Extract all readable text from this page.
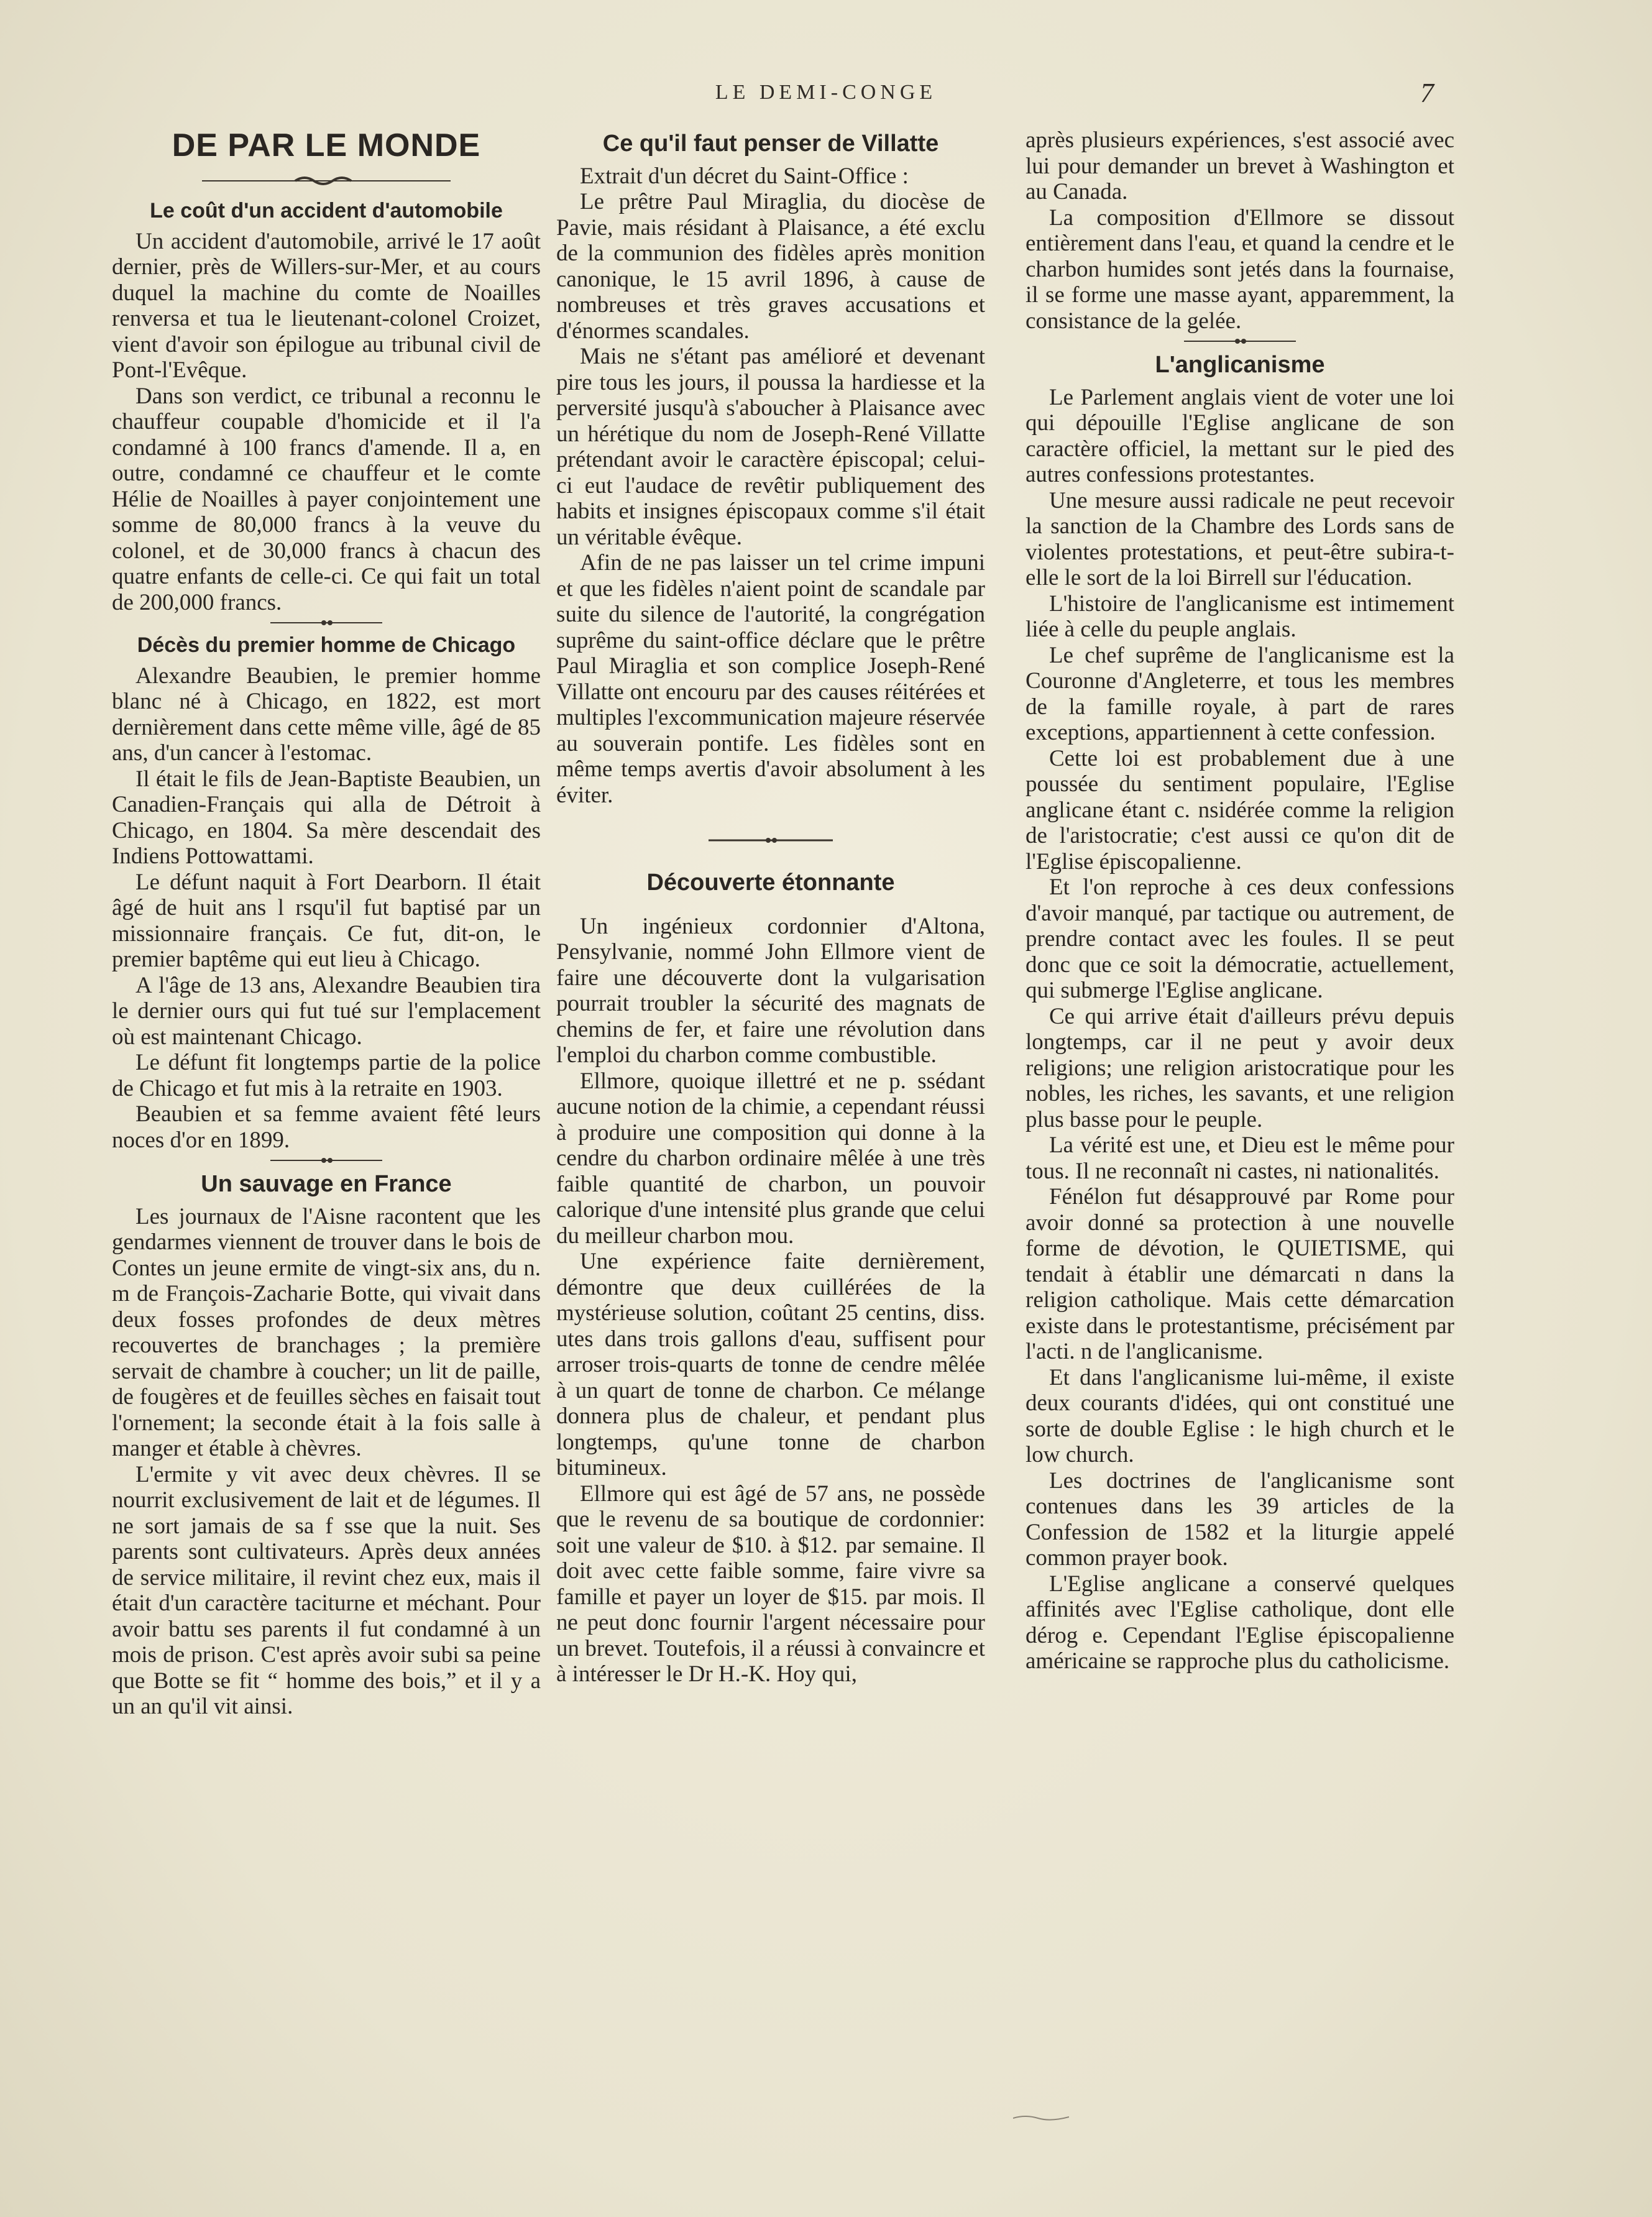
LE DEMI-CONGE	7
DE PAR LE MONDE
Le coût d'un accident d'automobile

Un accident d'automobile, arrivé le 17 août dernier, près de Willers-sur-Mer, et au cours duquel la machine du comte de Noailles renversa et tua le lieutenant-colonel Croizet, vient d'avoir son épilogue au tribunal civil de Pont-l'Evêque.

Dans son verdict, ce tribunal a reconnu le chauffeur coupable d'homicide et il l'a condamné à 100 francs d'amende. Il a, en outre, condamné ce chauffeur et le comte Hélie de Noailles à payer conjointement une somme de 80,000 francs à la veuve du colonel, et de 30,000 francs à chacun des quatre enfants de celle-ci. Ce qui fait un total de 200,000 francs.

Décès du premier homme de Chicago

Alexandre Beaubien, le premier homme blanc né à Chicago, en 1822, est mort dernièrement dans cette même ville, âgé de 85 ans, d'un cancer à l'estomac.

Il était le fils de Jean-Baptiste Beaubien, un Canadien-Français qui alla de Détroit à Chicago, en 1804. Sa mère descendait des Indiens Pottowattami.

Le défunt naquit à Fort Dearborn. Il était âgé de huit ans l rsqu'il fut baptisé par un missionnaire français. Ce fut, dit-on, le premier baptême qui eut lieu à Chicago.

A l'âge de 13 ans, Alexandre Beaubien tira le dernier ours qui fut tué sur l'emplacement où est maintenant Chicago.

Le défunt fit longtemps partie de la police de Chicago et fut mis à la retraite en 1903.

Beaubien et sa femme avaient fêté leurs noces d'or en 1899.

Un sauvage en France

Les journaux de l'Aisne racontent que les gendarmes viennent de trouver dans le bois de Contes un jeune ermite de vingt-six ans, du n. m de François-Zacharie Botte, qui vivait dans deux fosses profondes de deux mètres recouvertes de branchages ; la première servait de chambre à coucher; un lit de paille, de fougères et de feuilles sèches en faisait tout l'ornement; la seconde était à la fois salle à manger et étable à chèvres.

L'ermite y vit avec deux chèvres. Il se nourrit exclusivement de lait et de légumes. Il ne sort jamais de sa f sse que la nuit. Ses parents sont cultivateurs. Après deux années de service militaire, il revint chez eux, mais il était d'un caractère taciturne et méchant. Pour avoir battu ses parents il fut condamné à un mois de prison. C'est après avoir subi sa peine que Botte se fit “ homme des bois,” et il y a un an qu'il vit ainsi.

Ce qu'il faut penser de Villatte

Extrait d'un décret du Saint-Office :

Le prêtre Paul Miraglia, du diocèse de Pavie, mais résidant à Plaisance, a été exclu de la communion des fidèles après monition canonique, le 15 avril 1896, à cause de nombreuses et très graves accusations et d'énormes scandales.

Mais ne s'étant pas amélioré et devenant pire tous les jours, il poussa la hardiesse et la perversité jusqu'à s'aboucher à Plaisance avec un hérétique du nom de Joseph-René Villatte prétendant avoir le caractère épiscopal; celui-ci eut l'audace de revêtir publiquement des habits et insignes épiscopaux comme s'il était un véritable évêque.

Afin de ne pas laisser un tel crime impuni et que les fidèles n'aient point de scandale par suite du silence de l'autorité, la congrégation suprême du saint-office déclare que le prêtre Paul Miraglia et son complice Joseph-René Villatte ont encouru par des causes réitérées et multiples l'excommunication majeure réservée au souverain pontife. Les fidèles sont en même temps avertis d'avoir absolument à les éviter.

Découverte étonnante

Un ingénieux cordonnier d'Altona, Pensylvanie, nommé John Ellmore vient de faire une découverte dont la vulgarisation pourrait troubler la sécurité des magnats de chemins de fer, et faire une révolution dans l'emploi du charbon comme combustible.

Ellmore, quoique illettré et ne p. ssédant aucune notion de la chimie, a cependant réussi à produire une composition qui donne à la cendre du charbon ordinaire mêlée à une très faible quantité de charbon, un pouvoir calorique d'une intensité plus grande que celui du meilleur charbon mou.

Une expérience faite dernièrement, démontre que deux cuillérées de la mystérieuse solution, coûtant 25 centins, diss. utes dans trois gallons d'eau, suffisent pour arroser trois-quarts de tonne de cendre mêlée à un quart de tonne de charbon. Ce mélange donnera plus de chaleur, et pendant plus longtemps, qu'une tonne de charbon bitumineux.

Ellmore qui est âgé de 57 ans, ne possède que le revenu de sa boutique de cordonnier: soit une valeur de $10. à $12. par semaine. Il doit avec cette faible somme, faire vivre sa famille et payer un loyer de $15. par mois. Il ne peut donc fournir l'argent nécessaire pour un brevet. Toutefois, il a réussi à convaincre et à intéresser le Dr H.-K. Hoy qui,

après plusieurs expériences, s'est associé avec lui pour demander un brevet à Washington et au Canada.

La composition d'Ellmore se dissout entièrement dans l'eau, et quand la cendre et le charbon humides sont jetés dans la fournaise, il se forme une masse ayant, apparemment, la consistance de la gelée.

L'anglicanisme

Le Parlement anglais vient de voter une loi qui dépouille l'Eglise anglicane de son caractère officiel, la mettant sur le pied des autres confessions protestantes.

Une mesure aussi radicale ne peut recevoir la sanction de la Chambre des Lords sans de violentes protestations, et peut-être subira-t-elle le sort de la loi Birrell sur l'éducation.

L'histoire de l'anglicanisme est intimement liée à celle du peuple anglais.

Le chef suprême de l'anglicanisme est la Couronne d'Angleterre, et tous les membres de la famille royale, à part de rares exceptions, appartiennent à cette confession.

Cette loi est probablement due à une poussée du sentiment populaire, l'Eglise anglicane étant c. nsidérée comme la religion de l'aristocratie; c'est aussi ce qu'on dit de l'Eglise épiscopalienne.

Et l'on reproche à ces deux confessions d'avoir manqué, par tactique ou autrement, de prendre contact avec les foules. Il se peut donc que ce soit la démocratie, actuellement, qui submerge l'Eglise anglicane.

Ce qui arrive était d'ailleurs prévu depuis longtemps, car il ne peut y avoir deux religions; une religion aristocratique pour les nobles, les riches, les savants, et une religion plus basse pour le peuple.

La vérité est une, et Dieu est le même pour tous. Il ne reconnaît ni castes, ni nationalités.

Fénélon fut désapprouvé par Rome pour avoir donné sa protection à une nouvelle forme de dévotion, le QUIETISME, qui tendait à établir une démarcati n dans la religion catholique. Mais cette démarcation existe dans le protestantisme, précisément par l'acti. n de l'anglicanisme.

Et dans l'anglicanisme lui-même, il existe deux courants d'idées, qui ont constitué une sorte de double Eglise : le high church et le low church.

Les doctrines de l'anglicanisme sont contenues dans les 39 articles de la Confession de 1582 et la liturgie appelé common prayer book.

L'Eglise anglicane a conservé quelques affinités avec l'Eglise catholique, dont elle dérog e. Cependant l'Eglise épiscopalienne américaine se rapproche plus du catholicisme.
